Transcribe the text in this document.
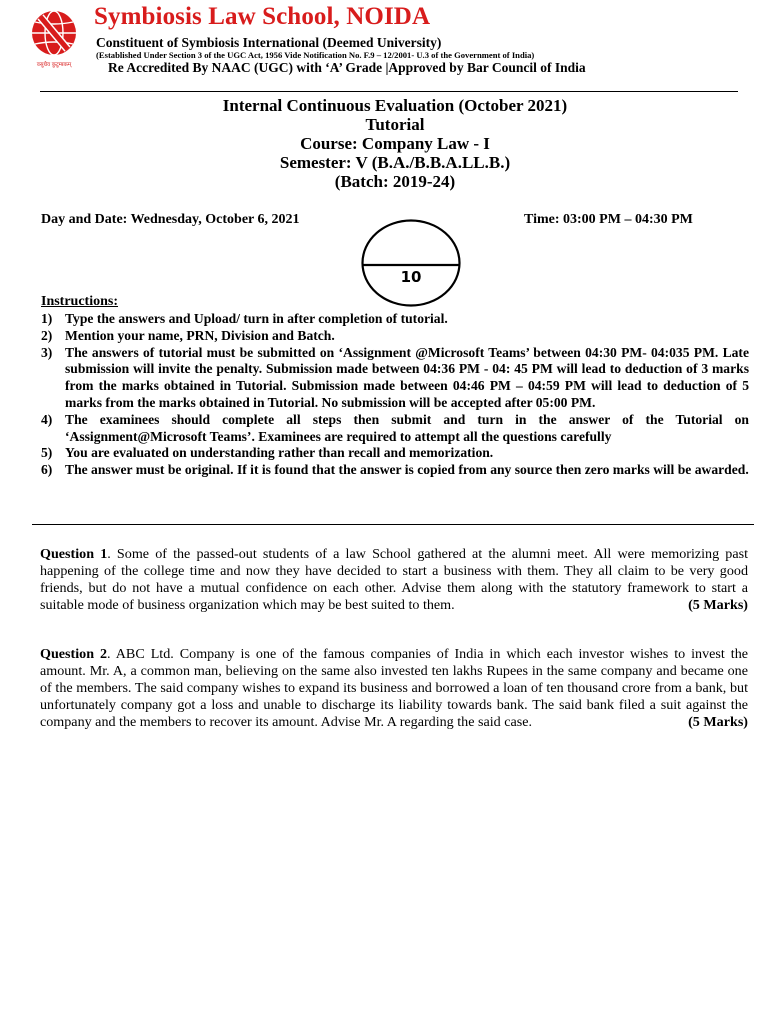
वसुधैव कुटुम्बकम्
Symbiosis Law School, NOIDA
Constituent of Symbiosis International (Deemed University)
(Established Under Section 3 of the UGC Act, 1956 Vide Notification No. F.9 – 12/2001- U.3 of the Government of India)
Re Accredited By NAAC (UGC) with ‘A’ Grade |Approved by Bar Council of India
Internal Continuous Evaluation (October 2021)
Tutorial
Course: Company Law - I
Semester: V (B.A./B.B.A.LL.B.)
(Batch: 2019-24)
Day and Date: Wednesday, October 6, 2021	Time: 03:00 PM – 04:30 PM
10
Instructions:
1) Type the answers and Upload/ turn in after completion of tutorial.
2) Mention your name, PRN, Division and Batch.
3) The answers of tutorial must be submitted on ‘Assignment @Microsoft Teams’ between 04:30 PM- 04:035 PM. Late submission will invite the penalty. Submission made between 04:36 PM - 04: 45 PM will lead to deduction of 3 marks from the marks obtained in Tutorial. Submission made between 04:46 PM – 04:59 PM will lead to deduction of 5 marks from the marks obtained in Tutorial. No submission will be accepted after 05:00 PM.
4) The examinees should complete all steps then submit and turn in the answer of the Tutorial on ‘Assignment@Microsoft Teams’. Examinees are required to attempt all the questions carefully
5) You are evaluated on understanding rather than recall and memorization.
6) The answer must be original. If it is found that the answer is copied from any source then zero marks will be awarded.
Question 1. Some of the passed-out students of a law School gathered at the alumni meet. All were memorizing past happening of the college time and now they have decided to start a business with them. They all claim to be very good friends, but do not have a mutual confidence on each other. Advise them along with the statutory framework to start a suitable mode of business organization which may be best suited to them.	(5 Marks)
Question 2. ABC Ltd. Company is one of the famous companies of India in which each investor wishes to invest the amount. Mr. A, a common man, believing on the same also invested ten lakhs Rupees in the same company and became one of the members. The said company wishes to expand its business and borrowed a loan of ten thousand crore from a bank, but unfortunately company got a loss and unable to discharge its liability towards bank. The said bank filed a suit against the company and the members to recover its amount. Advise Mr. A regarding the said case.	(5 Marks)
